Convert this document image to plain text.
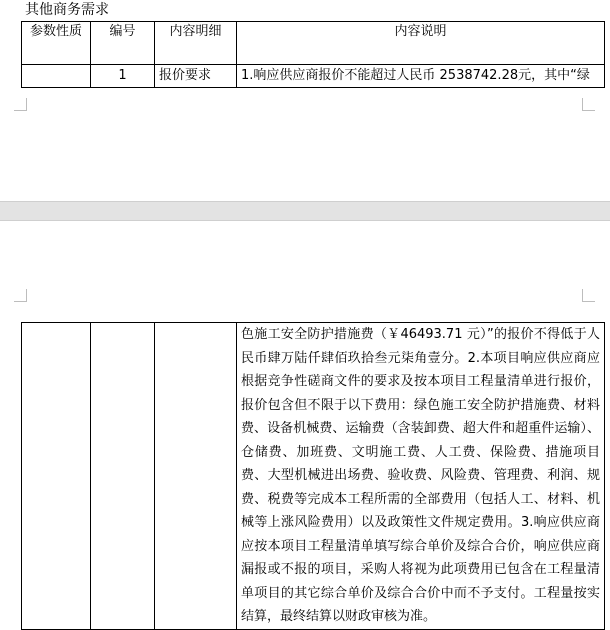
其他商务需求
参数性质	编号	内容明细	内容说明
	1	报价要求	1.响应供应商报价不能超过人民币 2538742.28元，其中“绿
			色施工安全防护措施费（￥46493.71 元）”的报价不得低于人民币肆万陆仟肆佰玖拾叁元柒角壹分。2.本项目响应供应商应根据竞争性磋商文件的要求及按本项目工程量清单进行报价，报价包含但不限于以下费用：绿色施工安全防护措施费、材料费、设备机械费、运输费（含装卸费、超大件和超重件运输）、仓储费、加班费、文明施工费、人工费、保险费、措施项目费、大型机械进出场费、验收费、风险费、管理费、利润、规费、税费等完成本工程所需的全部费用（包括人工、材料、机械等上涨风险费用）以及政策性文件规定费用。3.响应供应商应按本项目工程量清单填写综合单价及综合合价，响应供应商漏报或不报的项目，采购人将视为此项费用已包含在工程量清单项目的其它综合单价及综合合价中而不予支付。工程量按实结算，最终结算以财政审核为准。
